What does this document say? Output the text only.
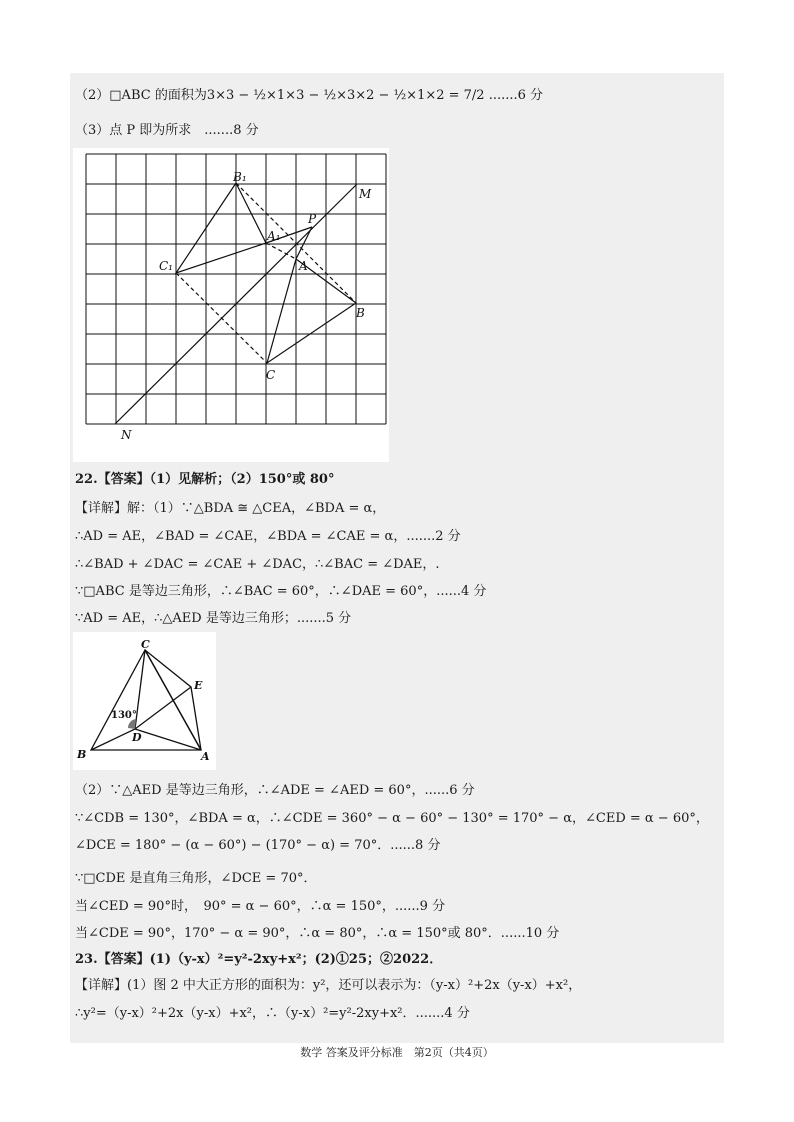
（2）□ABC 的面积为3×3 − ½×1×3 − ½×3×2 − ½×1×2 = 7/2 .......6 分
（3）点 P 即为所求　.......8 分
B₁
A₁
C₁
P
A
B
C
M
N
22.【答案】（1）见解析；（2）150°或 80°
【详解】解：（1）∵△BDA ≅ △CEA，∠BDA = α，
∴AD = AE，∠BAD = ∠CAE，∠BDA = ∠CAE = α，.......2 分
∴∠BAD + ∠DAC = ∠CAE + ∠DAC，∴∠BAC = ∠DAE，.
∵□ABC 是等边三角形，∴∠BAC = 60°，∴∠DAE = 60°，......4 分
∵AD = AE，∴△AED 是等边三角形；.......5 分
C
E
D
B	A
130°
（2）∵△AED 是等边三角形，∴∠ADE = ∠AED = 60°，......6 分
∵∠CDB = 130°，∠BDA = α，∴∠CDE = 360° − α − 60° − 130° = 170° − α，∠CED = α − 60°，
∠DCE = 180° − (α − 60°) − (170° − α) = 70°．......8 分
∵□CDE 是直角三角形，∠DCE = 70°．
当∠CED = 90°时，　90° = α − 60°，∴α = 150°，......9 分
当∠CDE = 90°，170° − α = 90°，∴α = 80°，∴α = 150°或 80°．......10 分
23.【答案】(1)（y-x）²=y²-2xy+x²；(2)①25；②2022．
【详解】(1）图 2 中大正方形的面积为：y²，还可以表示为：（y-x）²+2x（y-x）+x²，
∴y²=（y-x）²+2x（y-x）+x²，∴（y-x）²=y²-2xy+x²．.......4 分
数学 答案及评分标准　第2页（共4页）
